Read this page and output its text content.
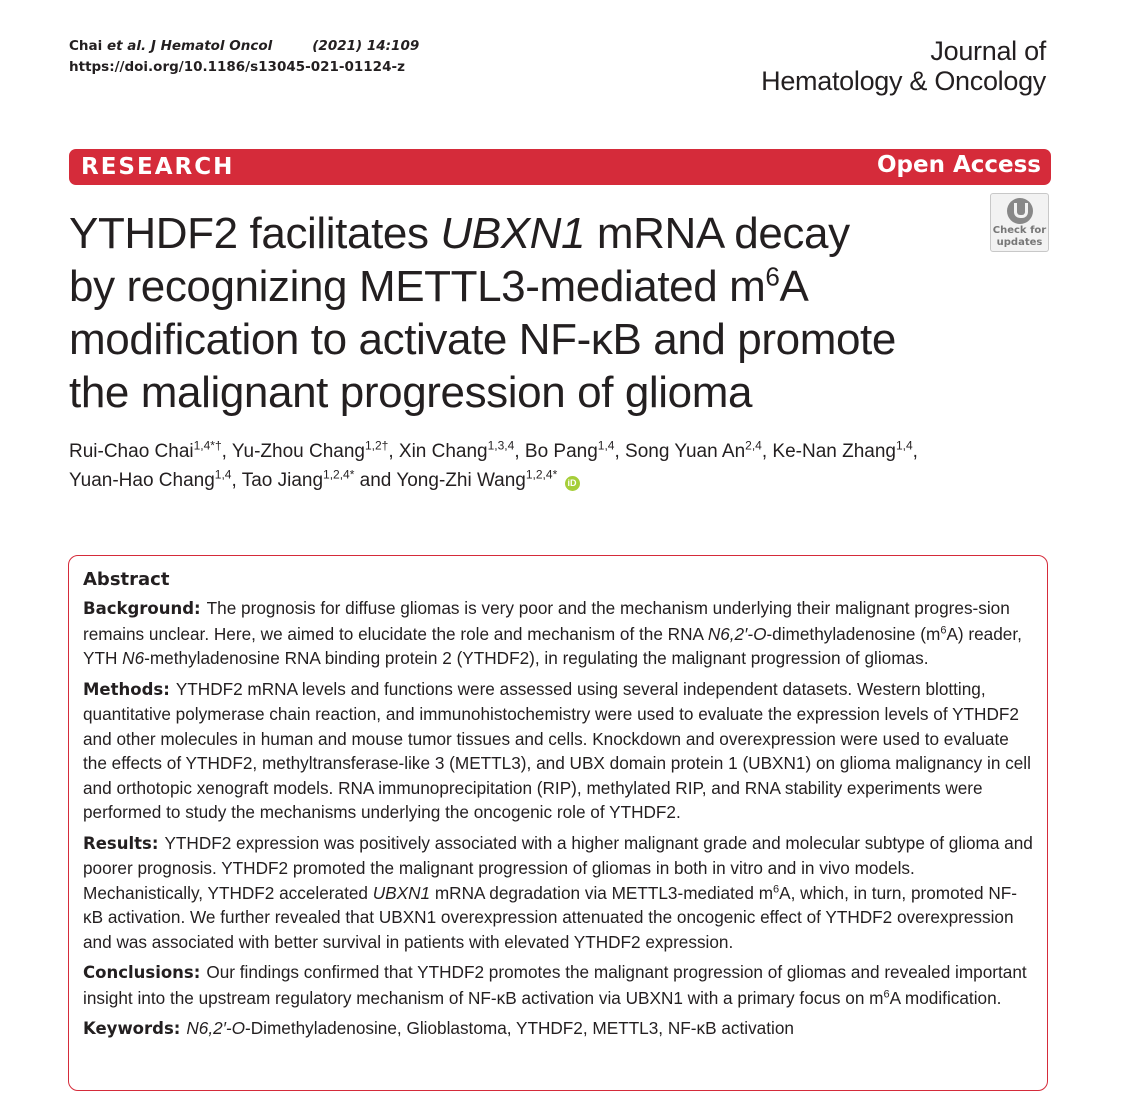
Chai et al. J Hematol Oncol	(2021) 14:109
https://doi.org/10.1186/s13045-021-01124-z
Journal of
Hematology & Oncology
RESEARCH	Open Access
Check for
updates
YTHDF2 facilitates UBXN1 mRNA decay
by recognizing METTL3-mediated $m^6A$
modification to activate NF-κB and promote
the malignant progression of glioma
Rui-Chao Chai$^{1,4*\dagger}$, Yu-Zhou Chang$^{1,2\dagger}$, Xin Chang$^{1,3,4}$, Bo Pang$^{1,4}$, Song Yuan An$^{2,4}$, Ke-Nan Zhang$^{1,4}$,
Yuan-Hao Chang$^{1,4}$, Tao Jiang$^{1,2,4*}$ and Yong-Zhi Wang$^{1,2,4*}$ iD
Abstract

Background: The prognosis for diffuse gliomas is very poor and the mechanism underlying their malignant progres-sion remains unclear. Here, we aimed to elucidate the role and mechanism of the RNA N6,2′-O-dimethyladenosine $(m^6A)$ reader, YTH N6-methyladenosine RNA binding protein 2 (YTHDF2), in regulating the malignant progression of gliomas.

Methods: YTHDF2 mRNA levels and functions were assessed using several independent datasets. Western blotting, quantitative polymerase chain reaction, and immunohistochemistry were used to evaluate the expression levels of YTHDF2 and other molecules in human and mouse tumor tissues and cells. Knockdown and overexpression were used to evaluate the effects of YTHDF2, methyltransferase-like 3 (METTL3), and UBX domain protein 1 (UBXN1) on glioma malignancy in cell and orthotopic xenograft models. RNA immunoprecipitation (RIP), methylated RIP, and RNA stability experiments were performed to study the mechanisms underlying the oncogenic role of YTHDF2.

Results: YTHDF2 expression was positively associated with a higher malignant grade and molecular subtype of glioma and poorer prognosis. YTHDF2 promoted the malignant progression of gliomas in both in vitro and in vivo models. Mechanistically, YTHDF2 accelerated UBXN1 mRNA degradation via METTL3-mediated $m^6A$, which, in turn, promoted NF-κB activation. We further revealed that UBXN1 overexpression attenuated the oncogenic effect of YTHDF2 overexpression and was associated with better survival in patients with elevated YTHDF2 expression.

Conclusions: Our findings confirmed that YTHDF2 promotes the malignant progression of gliomas and revealed important insight into the upstream regulatory mechanism of NF-κB activation via UBXN1 with a primary focus on $m^6A$ modification.

Keywords: N6,2′-O-Dimethyladenosine, Glioblastoma, YTHDF2, METTL3, NF-κB activation
